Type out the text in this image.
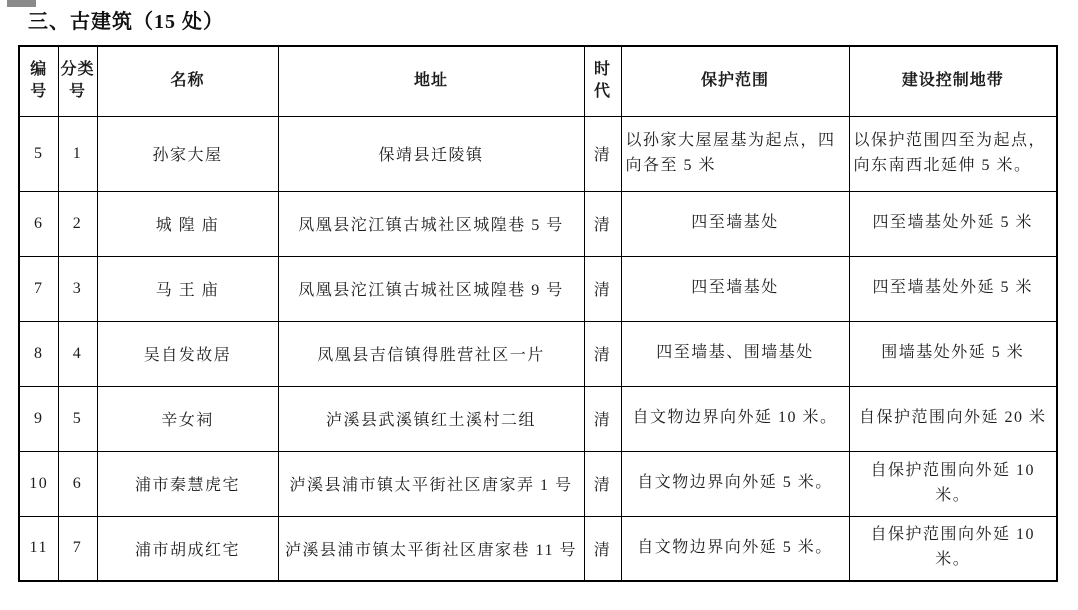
三、古建筑（15 处）
编号	分类号	名称	地址	时代	保护范围	建设控制地带
5	1	孙家大屋	保靖县迁陵镇	清	以孙家大屋屋基为起点，四向各至 5 米	以保护范围四至为起点，向东南西北延伸 5 米。
6	2	城 隍 庙	凤凰县沱江镇古城社区城隍巷 5 号	清	四至墙基处	四至墙基处外延 5 米
7	3	马 王 庙	凤凰县沱江镇古城社区城隍巷 9 号	清	四至墙基处	四至墙基处外延 5 米
8	4	吴自发故居	凤凰县吉信镇得胜营社区一片	清	四至墙基、围墙基处	围墙基处外延 5 米
9	5	辛女祠	泸溪县武溪镇红土溪村二组	清	自文物边界向外延 10 米。	自保护范围向外延 20 米
10	6	浦市秦慧虎宅	泸溪县浦市镇太平街社区唐家弄 1 号	清	自文物边界向外延 5 米。	自保护范围向外延 10 米。
11	7	浦市胡成红宅	泸溪县浦市镇太平街社区唐家巷 11 号	清	自文物边界向外延 5 米。	自保护范围向外延 10 米。
